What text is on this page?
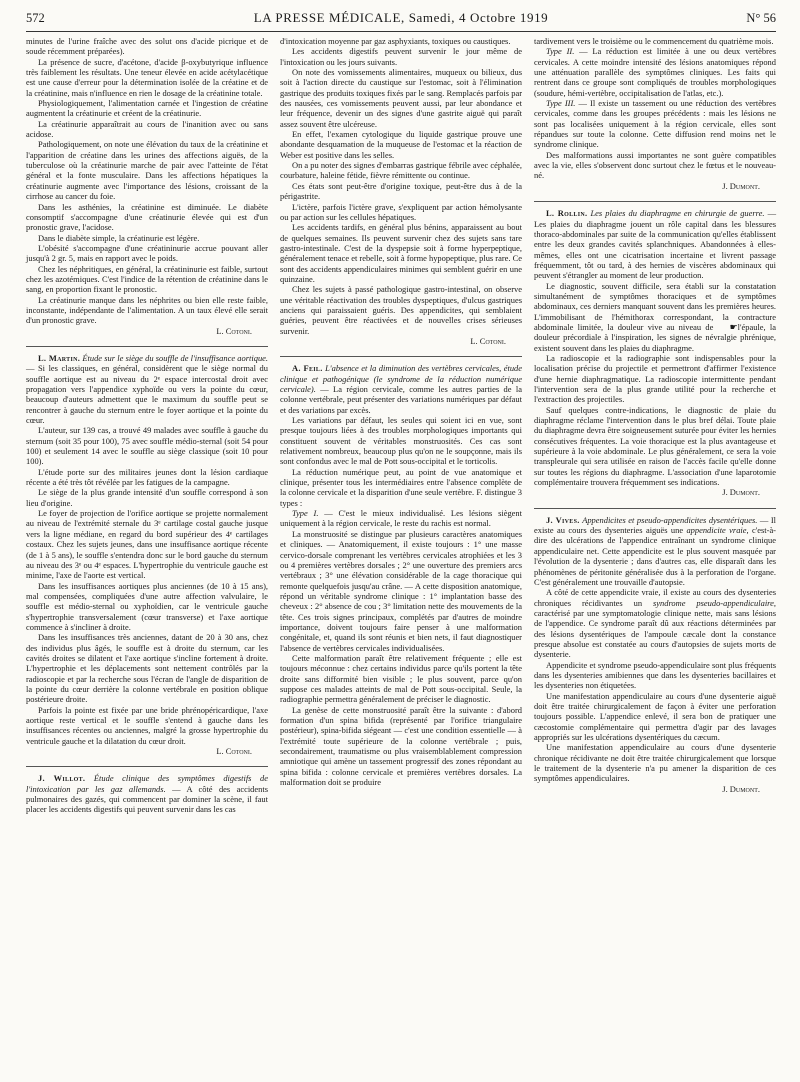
572	LA PRESSE MÉDICALE, Samedi, 4 Octobre 1919	N° 56

minutes de l'urine fraîche avec des solut ons d'acide picrique et de soude récemment préparées).

La présence de sucre, d'acétone, d'acide β-oxybutyrique influence très faiblement les résultats. Une teneur élevée en acide acétylacétique est une cause d'erreur pour la détermination isolée de la créatine et de la créatinine, mais n'influence en rien le dosage de la créatinine totale.

Physiologiquement, l'alimentation carnée et l'ingestion de créatine augmentent la créatinurie et créent de la créatinurie.

La créatinurie apparaîtrait au cours de l'inanition avec ou sans acidose.

Pathologiquement, on note une élévation du taux de la créatinine et l'apparition de créatine dans les urines des affections aiguës, de la tuberculose où la créatinurie marche de pair avec l'atteinte de l'état général et la fonte musculaire. Dans les affections hépatiques la créatinurie augmente avec l'importance des lésions, croissant de la cirrhose au cancer du foie.

Dans les asthénies, la créatinine est diminuée. Le diabète consomptif s'accompagne d'une créatinurie élevée qui est d'un pronostic grave, l'acidose.

Dans le diabète simple, la créatinurie est légère.

L'obésité s'accompagne d'une créatininurie accrue pouvant aller jusqu'à 2 gr. 5, mais en rapport avec le poids.

Chez les néphritiques, en général, la créatininurie est faible, surtout chez les azotémiques. C'est l'indice de la rétention de créatinine dans le sang, en proportion fixant le pronostic.

La créatinurie manque dans les néphrites ou bien elle reste faible, inconstante, indépendante de l'alimentation. A un taux élevé elle serait d'un pronostic grave.

L. Cotoni.

L. Martin. Étude sur le siège du souffle de l'insuffisance aortique. — Si les classiques, en général, considèrent que le siège normal du souffle aortique est au niveau du 2ᵉ espace intercostal droit avec propagation vers l'appendice xyphoïde ou vers la pointe du cœur, beaucoup d'auteurs admettent que le maximum du souffle peut se rencontrer à gauche du sternum entre le foyer aortique et la pointe du cœur.

L'auteur, sur 139 cas, a trouvé 49 malades avec souffle à gauche du sternum (soit 35 pour 100), 75 avec souffle médio-sternal (soit 54 pour 100) et seulement 14 avec le souffle au siège classique (soit 10 pour 100).

L'étude porte sur des militaires jeunes dont la lésion cardiaque récente a été très tôt révélée par les fatigues de la campagne.

Le siège de la plus grande intensité d'un souffle correspond à son lieu d'origine.

Le foyer de projection de l'orifice aortique se projette normalement au niveau de l'extrémité sternale du 3ᵉ cartilage costal gauche jusque vers la ligne médiane, en regard du bord supérieur des 4ᵉ cartilages costaux. Chez les sujets jeunes, dans une insuffisance aortique récente (de 1 à 5 ans), le souffle s'entendra donc sur le bord gauche du sternum au niveau des 3ᵉ ou 4ᵉ espaces. L'hypertrophie du ventricule gauche est minime, l'axe de l'aorte est vertical.

Dans les insuffisances aortiques plus anciennes (de 10 à 15 ans), mal compensées, compliquées d'une autre affection valvulaire, le souffle est médio-sternal ou xyphoïdien, car le ventricule gauche s'hypertrophie transversalement (cœur transverse) et l'axe aortique commence à s'incliner à droite.

Dans les insuffisances très anciennes, datant de 20 à 30 ans, chez des individus plus âgés, le souffle est à droite du sternum, car les cavités droites se dilatent et l'axe aortique s'incline fortement à droite. L'hypertrophie et les déplacements sont nettement contrôlés par la radioscopie et par la recherche sous l'écran de l'angle de disparition de la pointe du cœur derrière la colonne vertébrale en position oblique postérieure droite.

Parfois la pointe est fixée par une bride phrénopéricardique, l'axe aortique reste vertical et le souffle s'entend à gauche dans les insuffisances récentes ou anciennes, malgré la grosse hypertrophie du ventricule gauche et la dilatation du cœur droit.

L. Cotoni.

J. Willot. Étude clinique des symptômes digestifs de l'intoxication par les gaz allemands. — A côté des accidents pulmonaires des gazés, qui commencent par dominer la scène, il faut placer les accidents digestifs qui peuvent survenir dans les cas

d'intoxication moyenne par gaz asphyxiants, toxiques ou caustiques.

Les accidents digestifs peuvent survenir le jour même de l'intoxication ou les jours suivants.

On note des vomissements alimentaires, muqueux ou bilieux, dus soit à l'action directe du caustique sur l'estomac, soit à l'élimination gastrique des produits toxiques fixés par le sang. Remplacés parfois par des nausées, ces vomissements peuvent aussi, par leur abondance et leur fréquence, devenir un des signes d'une gastrite aiguë qui paraît assez souvent être ulcéreuse.

En effet, l'examen cytologique du liquide gastrique prouve une abondante desquamation de la muqueuse de l'estomac et la réaction de Weber est positive dans les selles.

On a pu noter des signes d'embarras gastrique fébrile avec céphalée, courbature, haleine fétide, fièvre rémittente ou continue.

Ces états sont peut-être d'origine toxique, peut-être dus à de la périgastrite.

L'ictère, parfois l'ictère grave, s'expliquent par action hémolysante ou par action sur les cellules hépatiques.

Les accidents tardifs, en général plus bénins, apparaissent au bout de quelques semaines. Ils peuvent survenir chez des sujets sans tare gastro-intestinale. C'est de la dyspepsie soit à forme hyperpeptique, généralement tenace et rebelle, soit à forme hypopeptique, plus rare. Ce sont des accidents appendiculaires minimes qui semblent guérir en une quinzaine.

Chez les sujets à passé pathologique gastro-intestinal, on observe une véritable réactivation des troubles dyspeptiques, d'ulcus gastriques anciens qui paraissaient guéris. Des appendicites, qui semblaient guéries, peuvent être réactivées et de nouvelles crises sérieuses survenir.

L. Cotoni.

A. Feil. L'absence et la diminution des vertèbres cervicales, étude clinique et pathogénique (le syndrome de la réduction numérique cervicale). — La région cervicale, comme les autres parties de la colonne vertébrale, peut présenter des variations numériques par défaut et des variations par excès.

Les variations par défaut, les seules qui soient ici en vue, sont presque toujours liées à des troubles morphologiques importants qui constituent souvent de véritables monstruosités. Ces cas sont relativement nombreux, beaucoup plus qu'on ne le soupçonne, mais ils sont confondus avec le mal de Pott sous-occipital et le torticolis.

La réduction numérique peut, au point de vue anatomique et clinique, présenter tous les intermédiaires entre l'absence complète de la colonne cervicale et la disparition d'une seule vertèbre. F. distingue 3 types :

Type I. — C'est le mieux individualisé. Les lésions siègent uniquement à la région cervicale, le reste du rachis est normal.

La monstruosité se distingue par plusieurs caractères anatomiques et cliniques. — Anatomiquement, il existe toujours : 1° une masse cervico-dorsale comprenant les vertèbres cervicales atrophiées et les 3 ou 4 premières vertèbres dorsales ; 2° une ouverture des premiers arcs vertébraux ; 3° une élévation considérable de la cage thoracique qui remonte quelquefois jusqu'au crâne. — A cette disposition anatomique, répond un véritable syndrome clinique : 1° implantation basse des cheveux : 2° absence de cou ; 3° limitation nette des mouvements de la tête. Ces trois signes principaux, complétés par d'autres de moindre importance, doivent toujours faire penser à une malformation congénitale, et, quand ils sont réunis et bien nets, il faut diagnostiquer l'absence de vertèbres cervicales individualisées.

Cette malformation paraît être relativement fréquente ; elle est toujours méconnue : chez certains individus parce qu'ils portent la tête droite sans difformité bien visible ; le plus souvent, parce qu'on suppose ces malades atteints de mal de Pott sous-occipital. Seule, la radiographie permettra généralement de préciser le diagnostic.

La genèse de cette monstruosité paraît être la suivante : d'abord formation d'un spina bifida (représenté par l'orifice triangulaire postérieur), spina-bifida siégeant — c'est une condition essentielle — à l'extrémité toute supérieure de la colonne vertébrale ; puis, secondairement, traumatisme ou plus vraisemblablement compression amniotique qui amène un tassement progressif des zones répondant au spina bifida : colonne cervicale et premières vertèbres dorsales. La malformation doit se produire

tardivement vers le troisième ou le commencement du quatrième mois.

Type II. — La réduction est limitée à une ou deux vertèbres cervicales. A cette moindre intensité des lésions anatomiques répond une atténuation parallèle des symptômes cliniques. Les faits qui rentrent dans ce groupe sont compliqués de troubles morphologiques (soudure, hémi-vertèbre, occipitalisation de l'atlas, etc.).

Type III. — Il existe un tassement ou une réduction des vertèbres cervicales, comme dans les groupes précédents : mais les lésions ne sont pas localisées uniquement à la région cervicale, elles sont répandues sur toute la colonne. Cette diffusion rend moins net le syndrome clinique.

Des malformations aussi importantes ne sont guère compatibles avec la vie, elles s'observent donc surtout chez le fœtus et le nouveau-né.

J. Dumont.

L. Rollin. Les plaies du diaphragme en chirurgie de guerre. — Les plaies du diaphragme jouent un rôle capital dans les blessures thoraco-abdominales par suite de la communication qu'elles établissent entre les deux grandes cavités splanchniques. Abandonnées à elles-mêmes, elles ont une cicatrisation incertaine et livrent passage fréquemment, tôt ou tard, à des hernies de viscères abdominaux qui peuvent s'étrangler au moment de leur production.

Le diagnostic, souvent difficile, sera établi sur la constatation simultanément de symptômes thoraciques et de symptômes abdominaux, ces derniers manquant souvent dans les premières heures. L'immobilisant de l'hémithorax correspondant, la contracture abdominale limitée, la douleur vive au niveau de ☛l'épaule, la douleur précordiale à l'inspiration, les signes de névralgie phrénique, existent souvent dans les plaies du diaphragme.

La radioscopie et la radiographie sont indispensables pour la localisation précise du projectile et permettront d'affirmer l'existence d'une hernie diaphragmatique. La radioscopie intermittente pendant l'intervention sera de la plus grande utilité pour la recherche et l'extraction des projectiles.

Sauf quelques contre-indications, le diagnostic de plaie du diaphragme réclame l'intervention dans le plus bref délai. Toute plaie du diaphragme devra être soigneusement suturée pour éviter les hernies consécutives fréquentes. La voie thoracique est la plus avantageuse et supérieure à la voie abdominale. Le plus généralement, ce sera la voie transpleurale qui sera utilisée en raison de l'accès facile qu'elle donne sur toutes les régions du diaphragme. L'association d'une laparotomie complémentaire trouvera fréquemment ses indications.

J. Dumont.

J. Vives. Appendicites et pseudo-appendicites dysentériques. — Il existe au cours des dysenteries aiguës une appendicite vraie, c'est-à-dire des ulcérations de l'appendice entraînant un syndrome clinique appendiculaire net. Cette appendicite est le plus souvent masquée par l'évolution de la dysenterie ; dans d'autres cas, elle disparaît dans les phénomènes de péritonite généralisée dus à la perforation de l'organe. C'est généralement une trouvaille d'autopsie.

A côté de cette appendicite vraie, il existe au cours des dysenteries chroniques récidivantes un syndrome pseudo-appendiculaire, caractérisé par une symptomatologie clinique nette, mais sans lésions de l'appendice. Ce syndrome paraît dû aux réactions déterminées par des lésions dysentériques de l'ampoule cæcale dont la constance presque absolue est constatée au cours d'autopsies de sujets morts de dysenterie.

Appendicite et syndrome pseudo-appendiculaire sont plus fréquents dans les dysenteries amibiennes que dans les dysenteries bacillaires et les dysenteries non étiquetées.

Une manifestation appendiculaire au cours d'une dysenterie aiguë doit être traitée chirurgicalement de façon à éviter une perforation toujours possible. L'appendice enlevé, il sera bon de pratiquer une cæcostomie complémentaire qui permettra d'agir par des lavages appropriés sur les ulcérations dysentériques du cæcum.

Une manifestation appendiculaire au cours d'une dysenterie chronique récidivante ne doit être traitée chirurgicalement que lorsque le traitement de la dysenterie n'a pu amener la disparition de ces symptômes appendiculaires.

J. Dumont.
